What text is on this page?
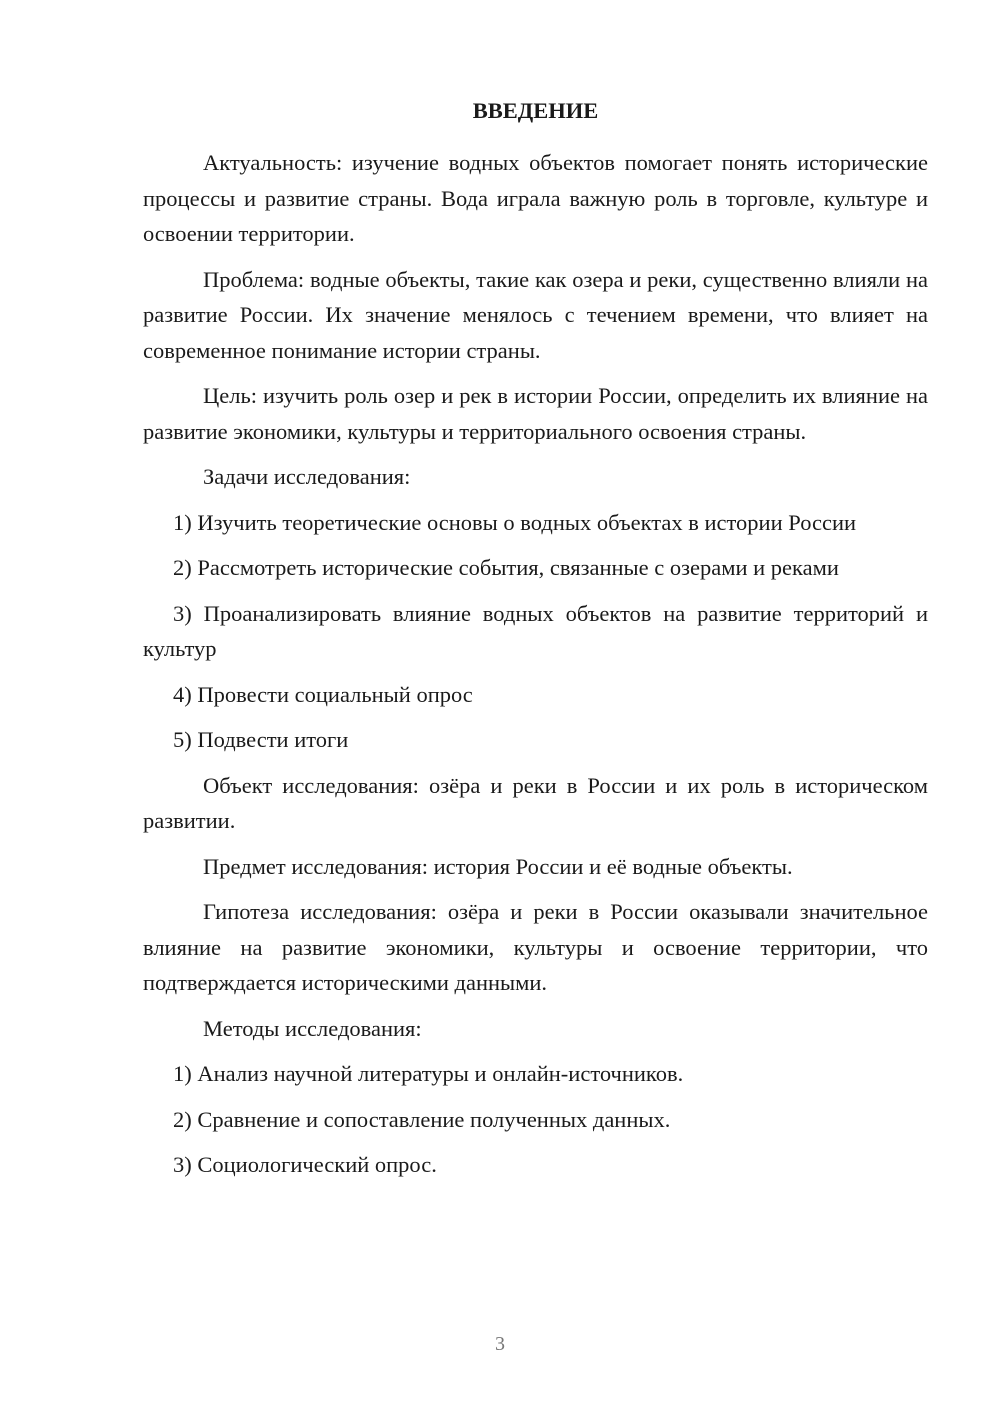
ВВЕДЕНИЕ

Актуальность: изучение водных объектов помогает понять исторические процессы и развитие страны. Вода играла важную роль в торговле, культуре и освоении территории.

Проблема: водные объекты, такие как озера и реки, существенно влияли на развитие России. Их значение менялось с течением времени, что влияет на современное понимание истории страны.

Цель: изучить роль озер и рек в истории России, определить их влияние на развитие экономики, культуры и территориального освоения страны.

Задачи исследования:

1) Изучить теоретические основы о водных объектах в истории России

2) Рассмотреть исторические события, связанные с озерами и реками

3) Проанализировать влияние водных объектов на развитие территорий и культур

4) Провести социальный опрос

5) Подвести итоги

Объект исследования: озёра и реки в России и их роль в историческом развитии.

Предмет исследования: история России и её водные объекты.

Гипотеза исследования: озёра и реки в России оказывали значительное влияние на развитие экономики, культуры и освоение территории, что подтверждается историческими данными.

Методы исследования:

1) Анализ научной литературы и онлайн-источников.

2) Сравнение и сопоставление полученных данных.

3) Социологический опрос.

3
